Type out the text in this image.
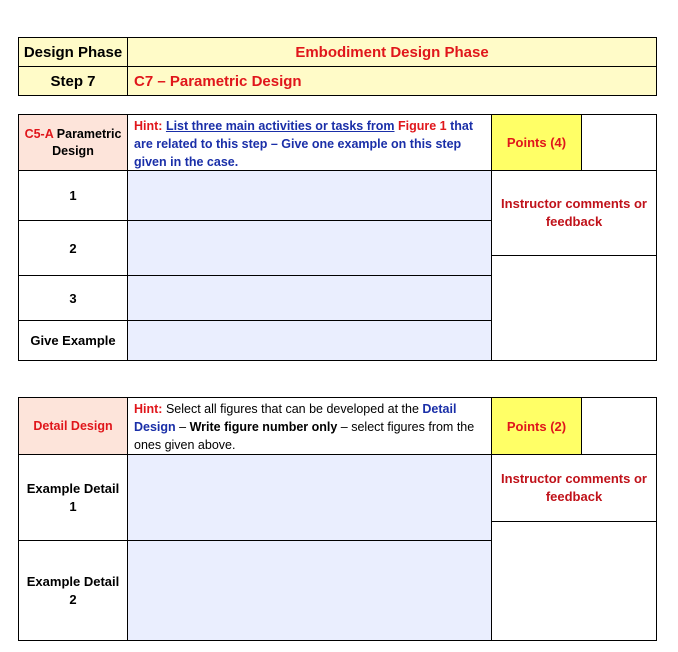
Design Phase	Embodiment Design Phase
Step 7	C7 – Parametric Design
C5-A Parametric Design
Hint: List three main activities or tasks from Figure 1 that are related to this step – Give one example on this step given in the case.
Points (4)
1
2
3
Give Example
Instructor comments or feedback
Detail Design
Hint: Select all figures that can be developed at the Detail Design – Write figure number only – select figures from the ones given above.
Points (2)
Example Detail 1
Example Detail 2
Instructor comments or feedback
